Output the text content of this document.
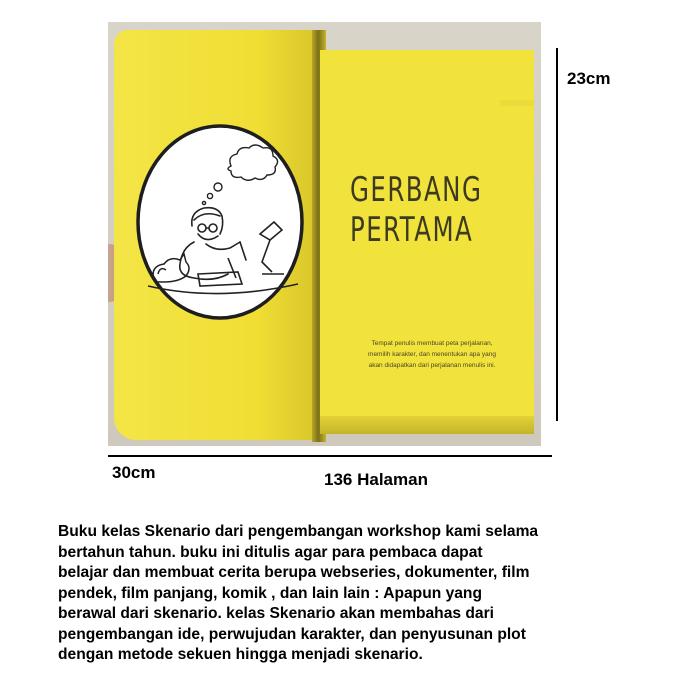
GERBANG
PERTAMA
Tempat penulis membuat peta perjalanan,
memilih karakter, dan menentukan apa yang
akan didapatkan dari perjalanan menulis ini.
30cm	136 Halaman
23cm

Buku kelas Skenario dari pengembangan workshop kami selama

bertahun tahun. buku ini ditulis agar para pembaca dapat

belajar dan membuat cerita berupa webseries, dokumenter, film

pendek, film panjang, komik , dan lain lain : Apapun yang

berawal dari skenario. kelas Skenario akan membahas dari

pengembangan ide, perwujudan karakter, dan penyusunan plot

dengan metode sekuen hingga menjadi skenario.
